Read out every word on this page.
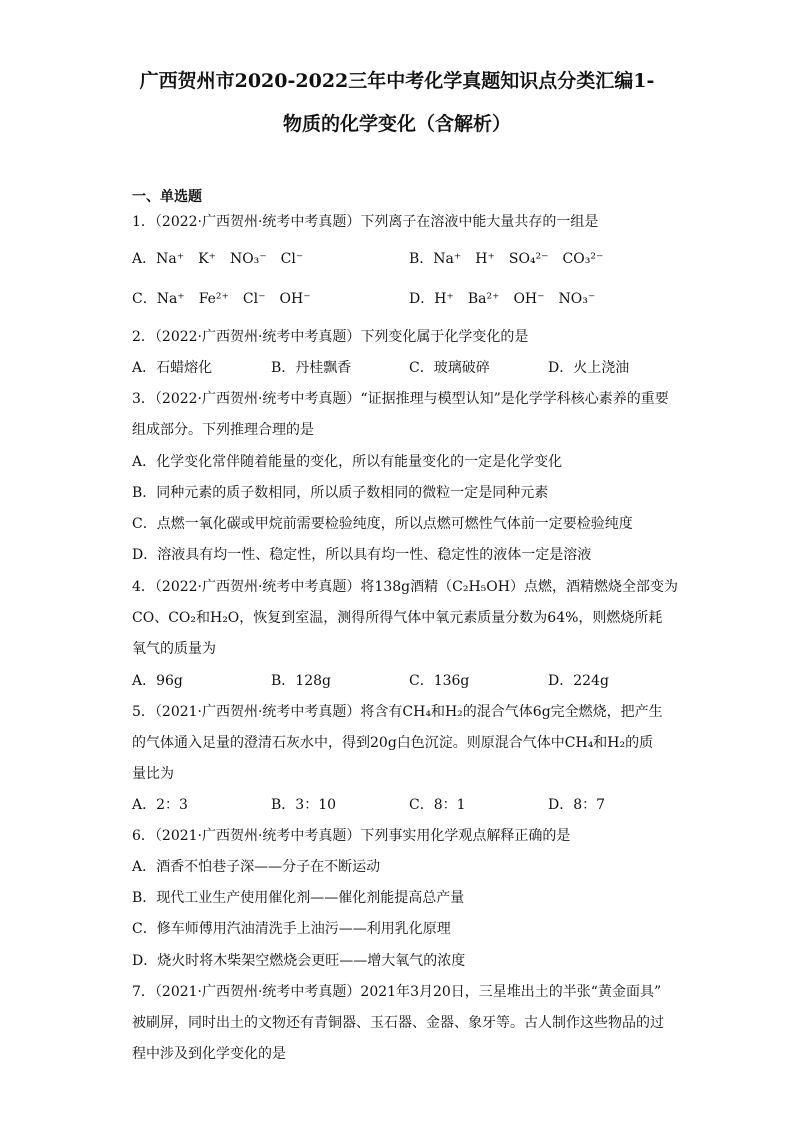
广西贺州市2020-2022三年中考化学真题知识点分类汇编1-
物质的化学变化（含解析）
一、单选题
1．（2022·广西贺州·统考中考真题）下列离子在溶液中能大量共存的一组是
A．Na⁺　K⁺　NO₃⁻　Cl⁻	B．Na⁺　H⁺　SO₄²⁻　CO₃²⁻
C．Na⁺　Fe²⁺　Cl⁻　OH⁻	D．H⁺　Ba²⁺　OH⁻　NO₃⁻
2．（2022·广西贺州·统考中考真题）下列变化属于化学变化的是
A．石蜡熔化	B．丹桂飘香	C．玻璃破碎	D．火上浇油
3．（2022·广西贺州·统考中考真题）“证据推理与模型认知”是化学学科核心素养的重要
组成部分。下列推理合理的是
A．化学变化常伴随着能量的变化，所以有能量变化的一定是化学变化
B．同种元素的质子数相同，所以质子数相同的微粒一定是同种元素
C．点燃一氧化碳或甲烷前需要检验纯度，所以点燃可燃性气体前一定要检验纯度
D．溶液具有均一性、稳定性，所以具有均一性、稳定性的液体一定是溶液
4．（2022·广西贺州·统考中考真题）将138g酒精（C₂H₅OH）点燃，酒精燃烧全部变为
CO、CO₂和H₂O，恢复到室温，测得所得气体中氧元素质量分数为64%，则燃烧所耗
氧气的质量为
A．96g	B．128g	C．136g	D．224g
5．（2021·广西贺州·统考中考真题）将含有CH₄和H₂的混合气体6g完全燃烧，把产生
的气体通入足量的澄清石灰水中，得到20g白色沉淀。则原混合气体中CH₄和H₂的质
量比为
A．2：3	B．3：10	C．8：1	D．8：7
6．（2021·广西贺州·统考中考真题）下列事实用化学观点解释正确的是
A．酒香不怕巷子深——分子在不断运动
B．现代工业生产使用催化剂——催化剂能提高总产量
C．修车师傅用汽油清洗手上油污——利用乳化原理
D．烧火时将木柴架空燃烧会更旺——增大氧气的浓度
7．（2021·广西贺州·统考中考真题）2021年3月20日，三星堆出土的半张“黄金面具”
被刷屏，同时出土的文物还有青铜器、玉石器、金器、象牙等。古人制作这些物品的过
程中涉及到化学变化的是
